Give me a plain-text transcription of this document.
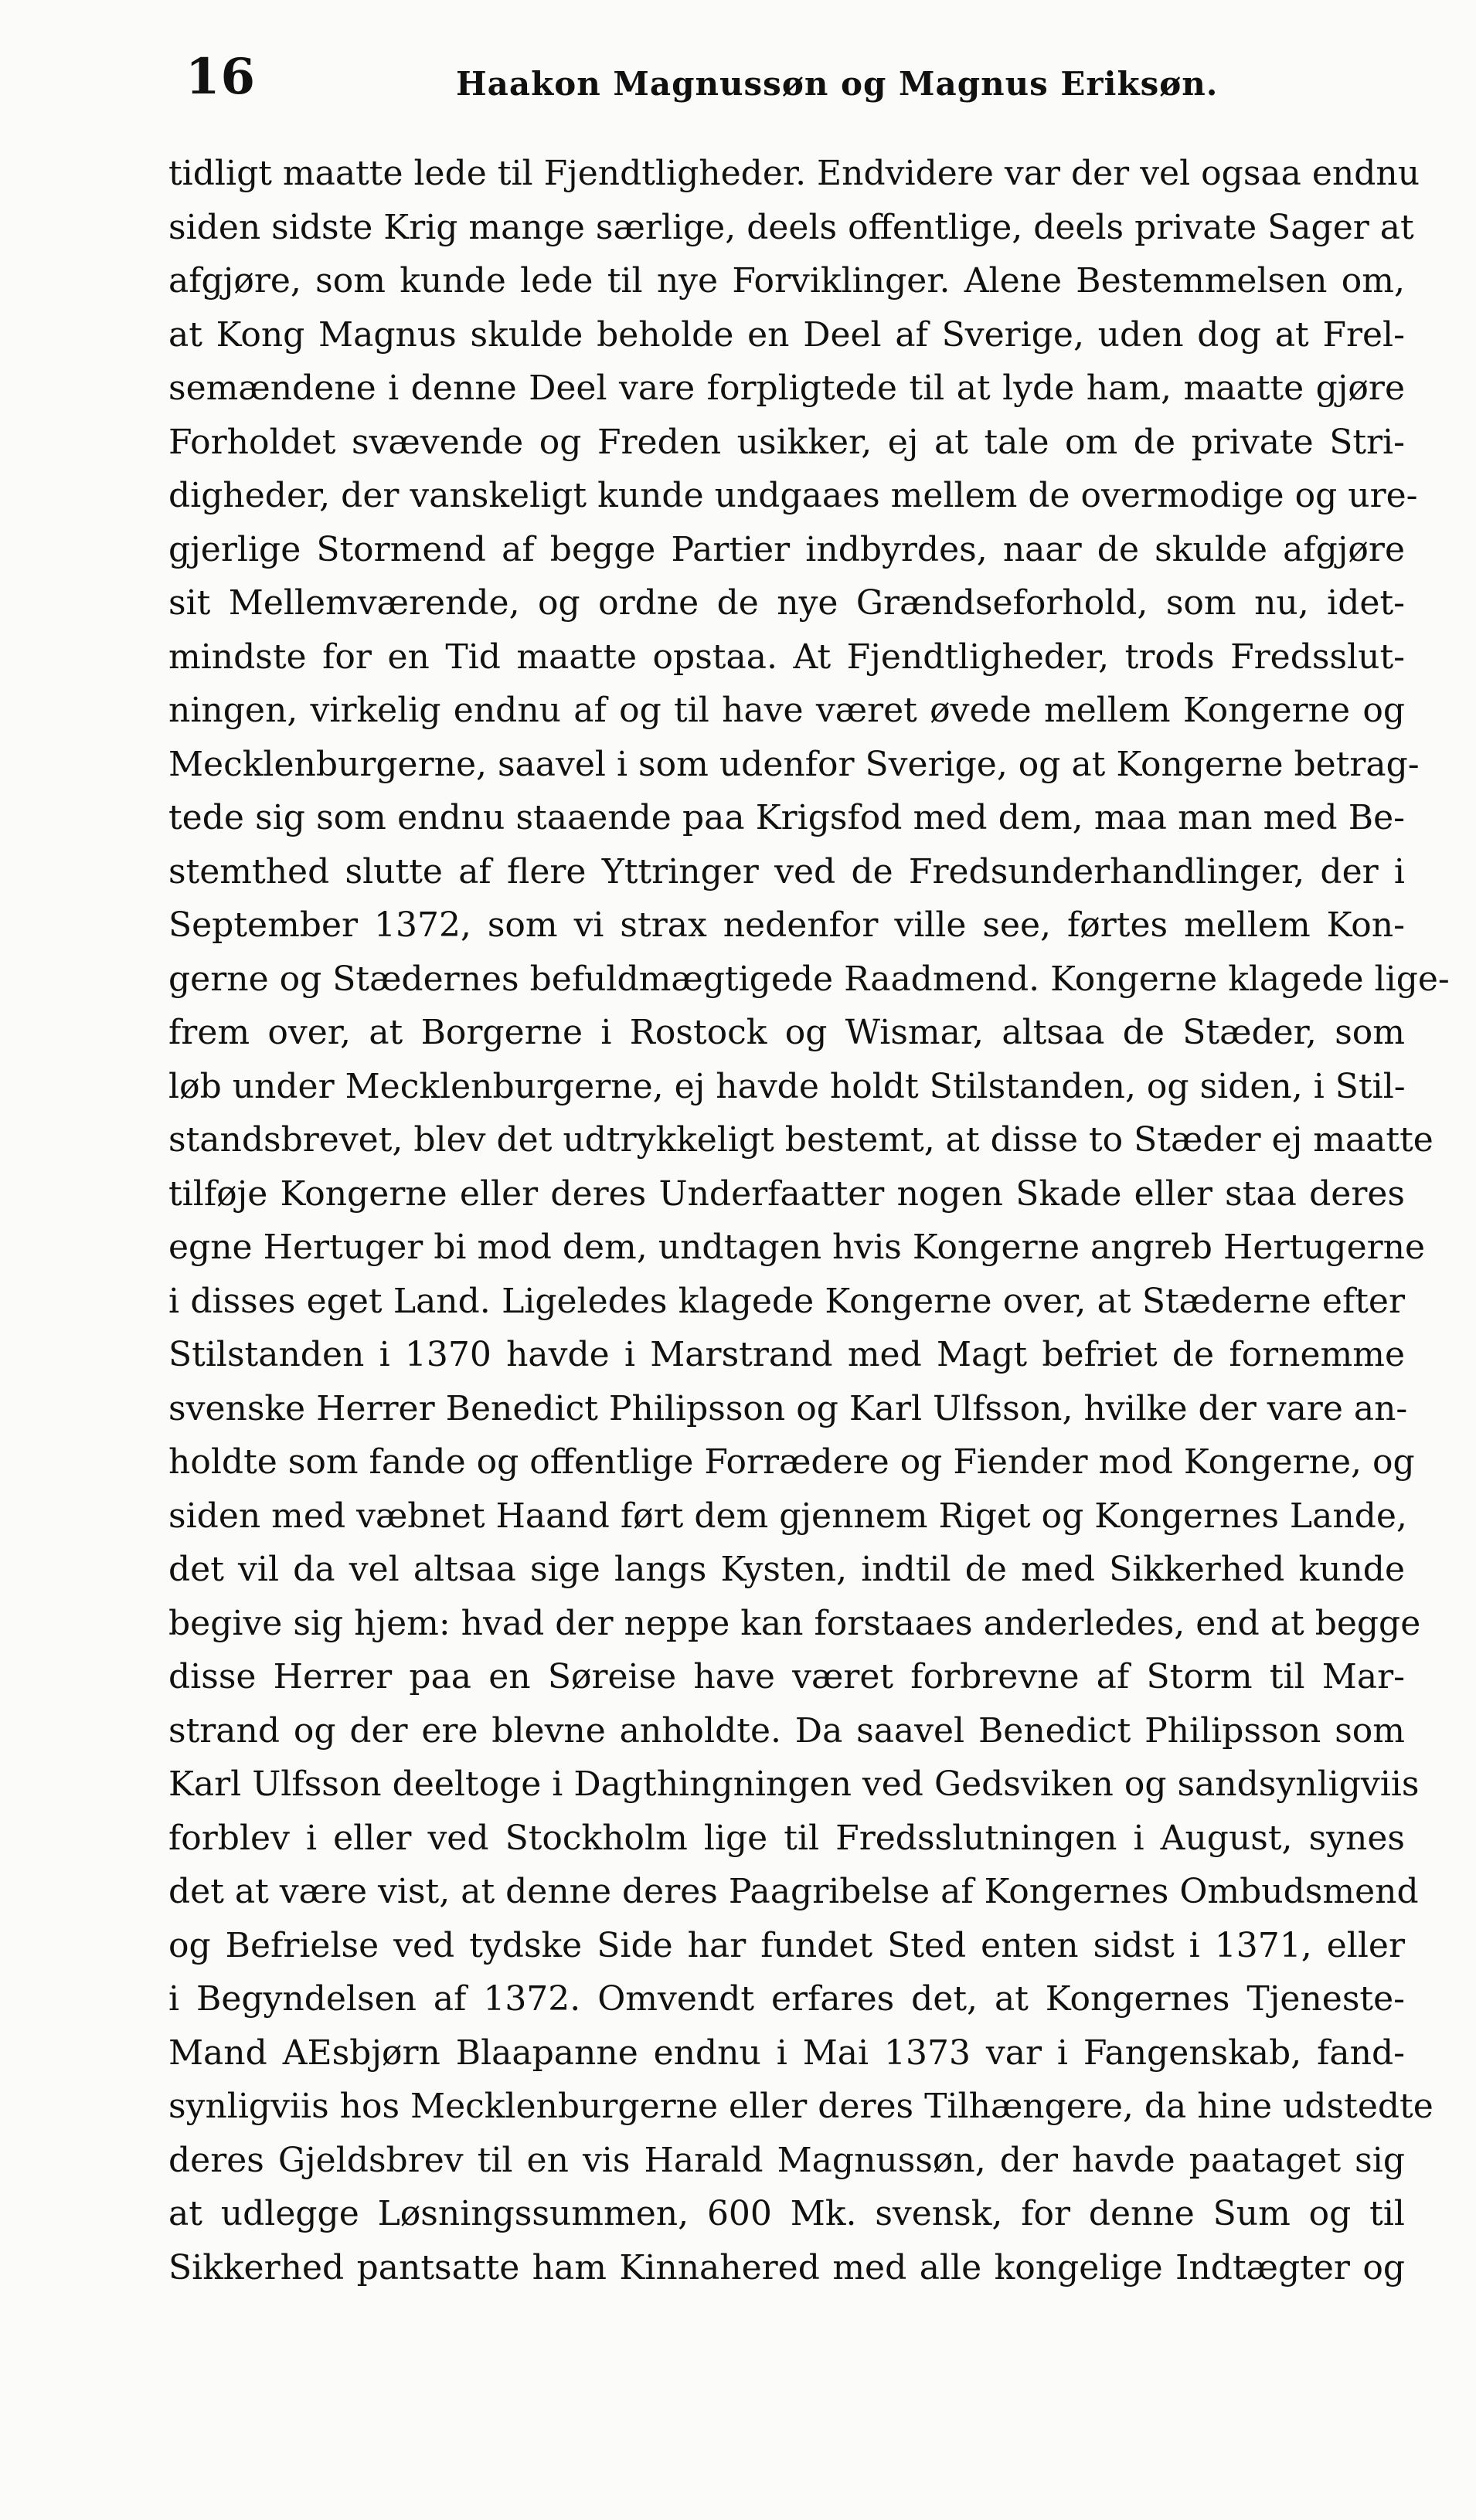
16	Haakon Magnussøn og Magnus Eriksøn.
tidligt maatte lede til Fjendtligheder. Endvidere var der vel ogsaa endnu
siden sidste Krig mange særlige, deels offentlige, deels private Sager at
afgjøre, som kunde lede til nye Forviklinger. Alene Bestemmelsen om,
at Kong Magnus skulde beholde en Deel af Sverige, uden dog at Frel-
semændene i denne Deel vare forpligtede til at lyde ham, maatte gjøre
Forholdet svævende og Freden usikker, ej at tale om de private Stri-
digheder, der vanskeligt kunde undgaaes mellem de overmodige og ure-
gjerlige Stormend af begge Partier indbyrdes, naar de skulde afgjøre
sit Mellemværende, og ordne de nye Grændseforhold, som nu, idet-
mindste for en Tid maatte opstaa. At Fjendtligheder, trods Fredsslut-
ningen, virkelig endnu af og til have været øvede mellem Kongerne og
Mecklenburgerne, saavel i som udenfor Sverige, og at Kongerne betrag-
tede sig som endnu staaende paa Krigsfod med dem, maa man med Be-
stemthed slutte af flere Yttringer ved de Fredsunderhandlinger, der i
September 1372, som vi strax nedenfor ville see, førtes mellem Kon-
gerne og Stædernes befuldmægtigede Raadmend. Kongerne klagede lige-
frem over, at Borgerne i Rostock og Wismar, altsaa de Stæder, som
løb under Mecklenburgerne, ej havde holdt Stilstanden, og siden, i Stil-
standsbrevet, blev det udtrykkeligt bestemt, at disse to Stæder ej maatte
tilføje Kongerne eller deres Underfaatter nogen Skade eller staa deres
egne Hertuger bi mod dem, undtagen hvis Kongerne angreb Hertugerne
i disses eget Land. Ligeledes klagede Kongerne over, at Stæderne efter
Stilstanden i 1370 havde i Marstrand med Magt befriet de fornemme
svenske Herrer Benedict Philipsson og Karl Ulfsson, hvilke der vare an-
holdte som fande og offentlige Forrædere og Fiender mod Kongerne, og
siden med væbnet Haand ført dem gjennem Riget og Kongernes Lande,
det vil da vel altsaa sige langs Kysten, indtil de med Sikkerhed kunde
begive sig hjem: hvad der neppe kan forstaaes anderledes, end at begge
disse Herrer paa en Søreise have været forbrevne af Storm til Mar-
strand og der ere blevne anholdte. Da saavel Benedict Philipsson som
Karl Ulfsson deeltoge i Dagthingningen ved Gedsviken og sandsynligviis
forblev i eller ved Stockholm lige til Fredsslutningen i August, synes
det at være vist, at denne deres Paagribelse af Kongernes Ombudsmend
og Befrielse ved tydske Side har fundet Sted enten sidst i 1371, eller
i Begyndelsen af 1372. Omvendt erfares det, at Kongernes Tjeneste-
Mand AEsbjørn Blaapanne endnu i Mai 1373 var i Fangenskab, fand-
synligviis hos Mecklenburgerne eller deres Tilhængere, da hine udstedte
deres Gjeldsbrev til en vis Harald Magnussøn, der havde paataget sig
at udlegge Løsningssummen, 600 Mk. svensk, for denne Sum og til
Sikkerhed pantsatte ham Kinnahered med alle kongelige Indtægter og
